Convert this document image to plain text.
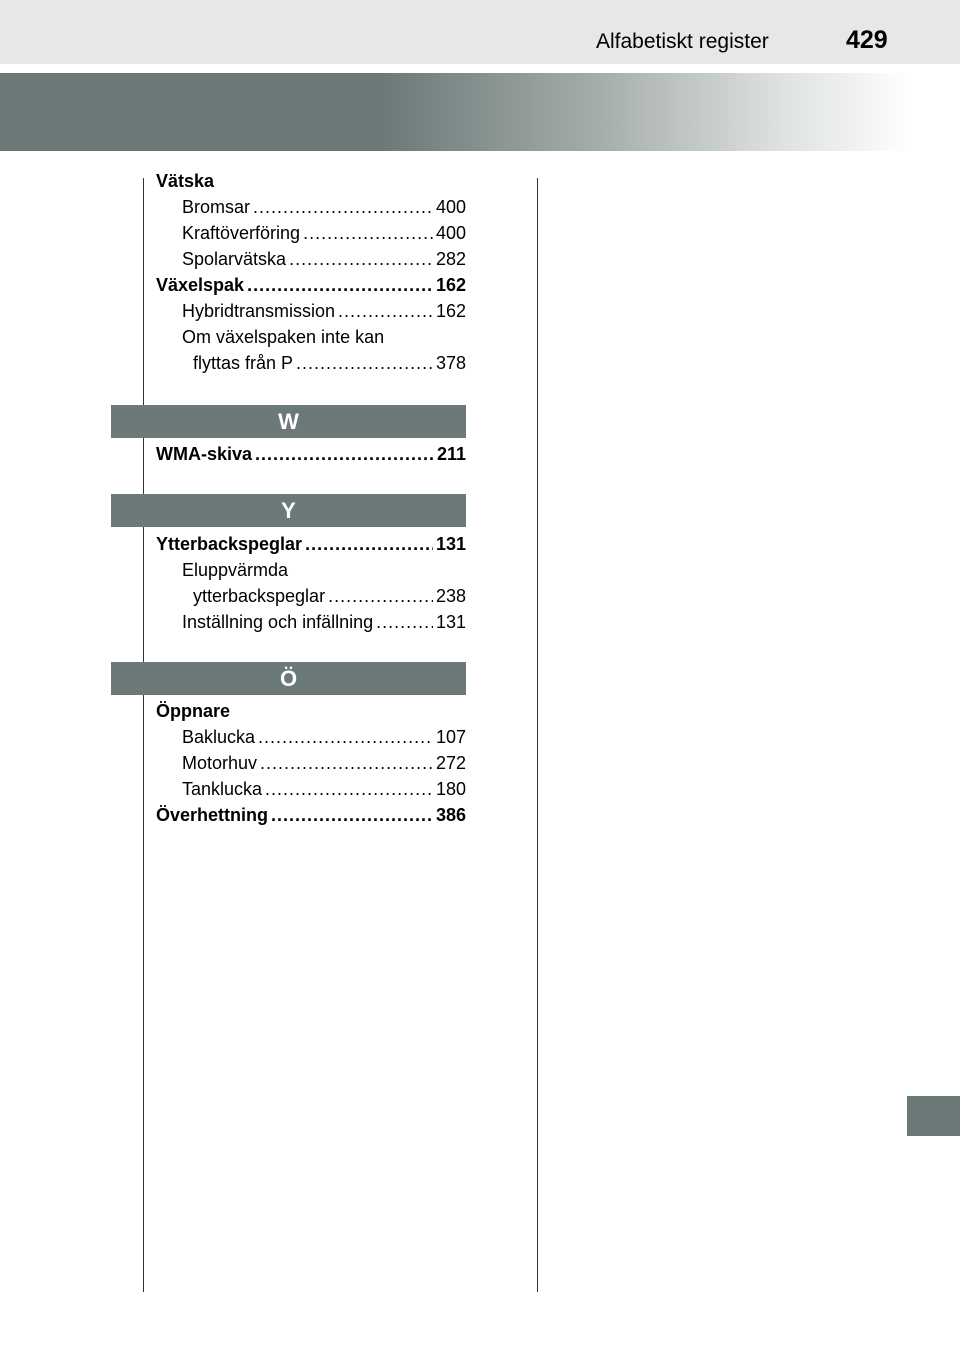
Alfabetiskt register	429
Vätska
Bromsar .....	400
Kraftöverföring .....	400
Spolarvätska .....	282
Växelspak .....	162
Hybridtransmission .....	162
Om växelspaken inte kan
flyttas från P .....	378
W
WMA-skiva .....	211
Y
Ytterbackspeglar .....	131
Eluppvärmda
ytterbackspeglar .....	238
Inställning och infällning .....	131
Ö
Öppnare
Baklucka .....	107
Motorhuv .....	272
Tanklucka .....	180
Överhettning .....	386
